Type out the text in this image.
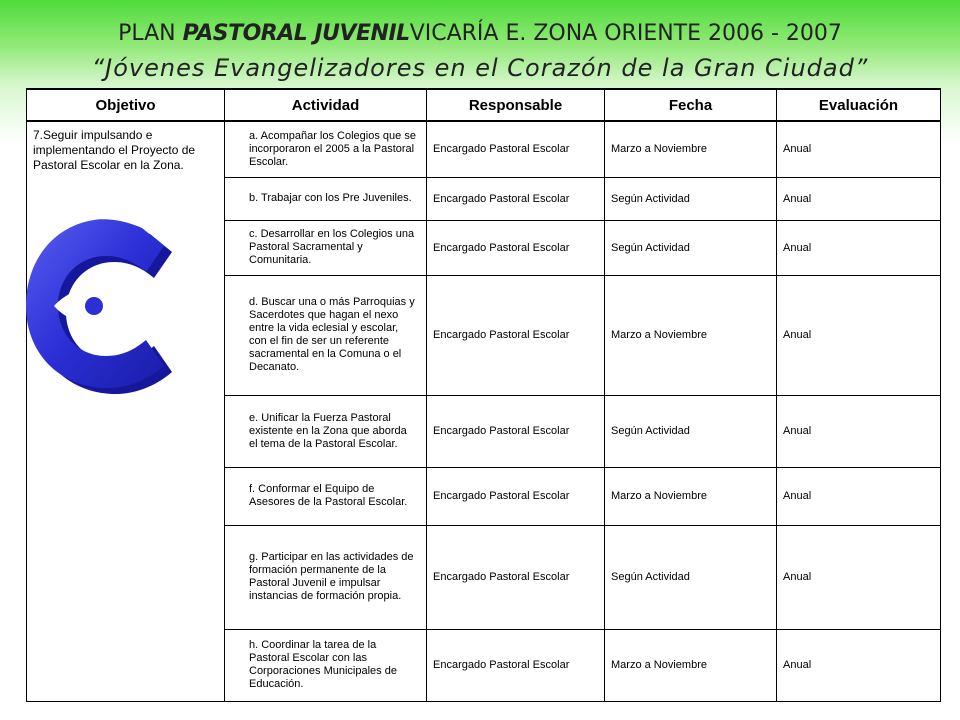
PLAN PASTORAL JUVENILVICARÍA E. ZONA ORIENTE 2006 - 2007
“Jóvenes Evangelizadores en el Corazón de la Gran Ciudad”
Objetivo	Actividad	Responsable	Fecha	Evaluación
7.Seguir impulsando e implementando el Proyecto de Pastoral Escolar en la Zona.	a. Acompañar los Colegios que se incorporaron el 2005 a la Pastoral Escolar.	Encargado Pastoral Escolar	Marzo a Noviembre	Anual
	b. Trabajar con los Pre Juveniles.	Encargado Pastoral Escolar	Según Actividad	Anual
	c. Desarrollar en los Colegios una Pastoral Sacramental y Comunitaria.	Encargado Pastoral Escolar	Según Actividad	Anual
	d. Buscar una o más Parroquias y Sacerdotes que hagan el nexo entre la vida eclesial y escolar, con el fin de ser un referente sacramental en la Comuna o el Decanato.	Encargado Pastoral Escolar	Marzo a Noviembre	Anual
	e. Unificar la Fuerza Pastoral existente en la Zona que aborda el tema de la Pastoral Escolar.	Encargado Pastoral Escolar	Según Actividad	Anual
	f. Conformar el Equipo de Asesores de la Pastoral Escolar.	Encargado Pastoral Escolar	Marzo a Noviembre	Anual
	g. Participar en las actividades de formación permanente de la Pastoral Juvenil e impulsar instancias de formación propia.	Encargado Pastoral Escolar	Según Actividad	Anual
	h. Coordinar la tarea de la Pastoral Escolar con las Corporaciones Municipales de Educación.	Encargado Pastoral Escolar	Marzo a Noviembre	Anual
